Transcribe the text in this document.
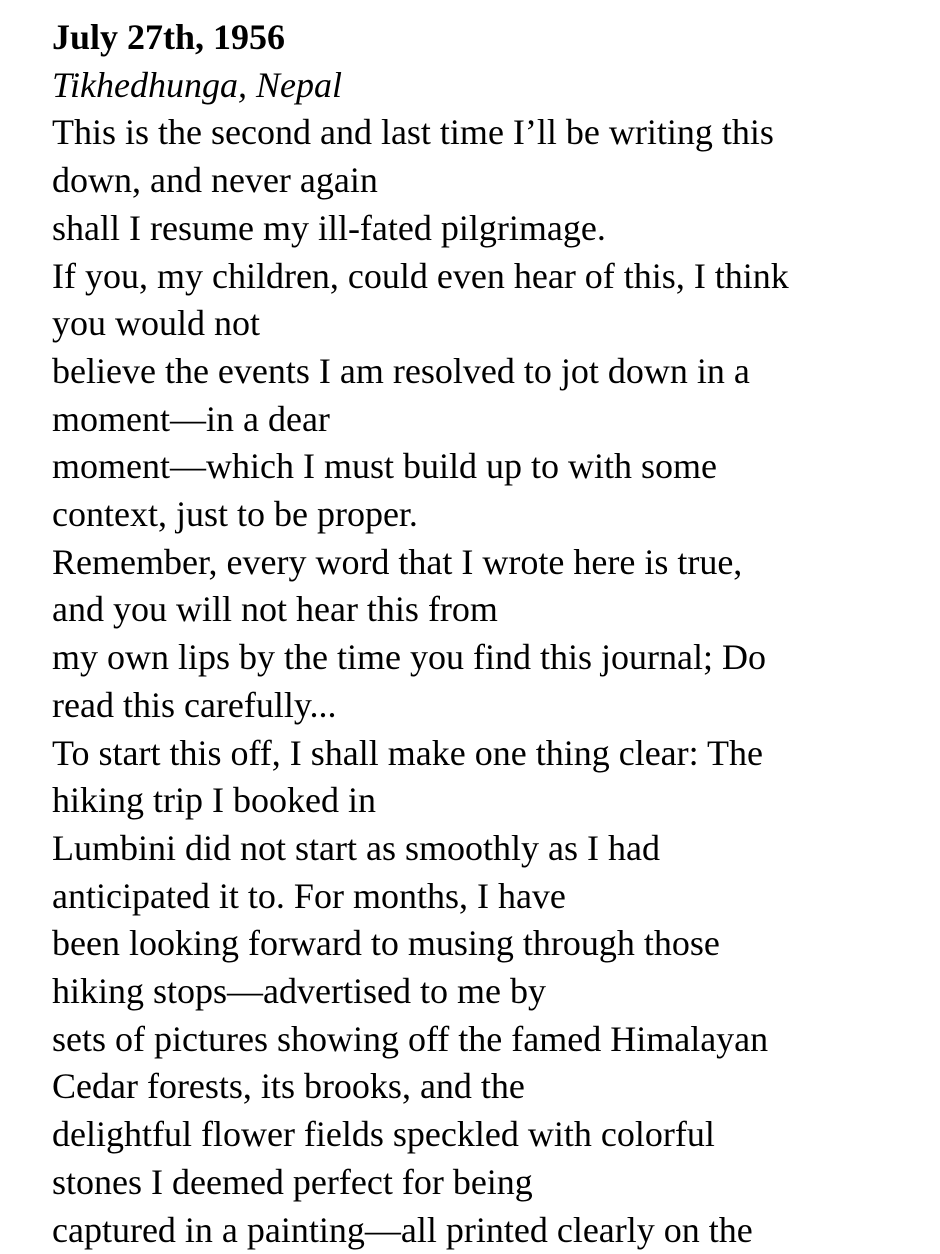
July 27th, 1956
Tikhedhunga, Nepal
This is the second and last time I’ll be writing this
down, and never again
shall I resume my ill-fated pilgrimage.
If you, my children, could even hear of this, I think
you would not
believe the events I am resolved to jot down in a
moment—in a dear
moment—which I must build up to with some
context, just to be proper.
Remember, every word that I wrote here is true,
and you will not hear this from
my own lips by the time you find this journal; Do
read this carefully...
To start this off, I shall make one thing clear: The
hiking trip I booked in
Lumbini did not start as smoothly as I had
anticipated it to. For months, I have
been looking forward to musing through those
hiking stops—advertised to me by
sets of pictures showing off the famed Himalayan
Cedar forests, its brooks, and the
delightful flower fields speckled with colorful
stones I deemed perfect for being
captured in a painting—all printed clearly on the
